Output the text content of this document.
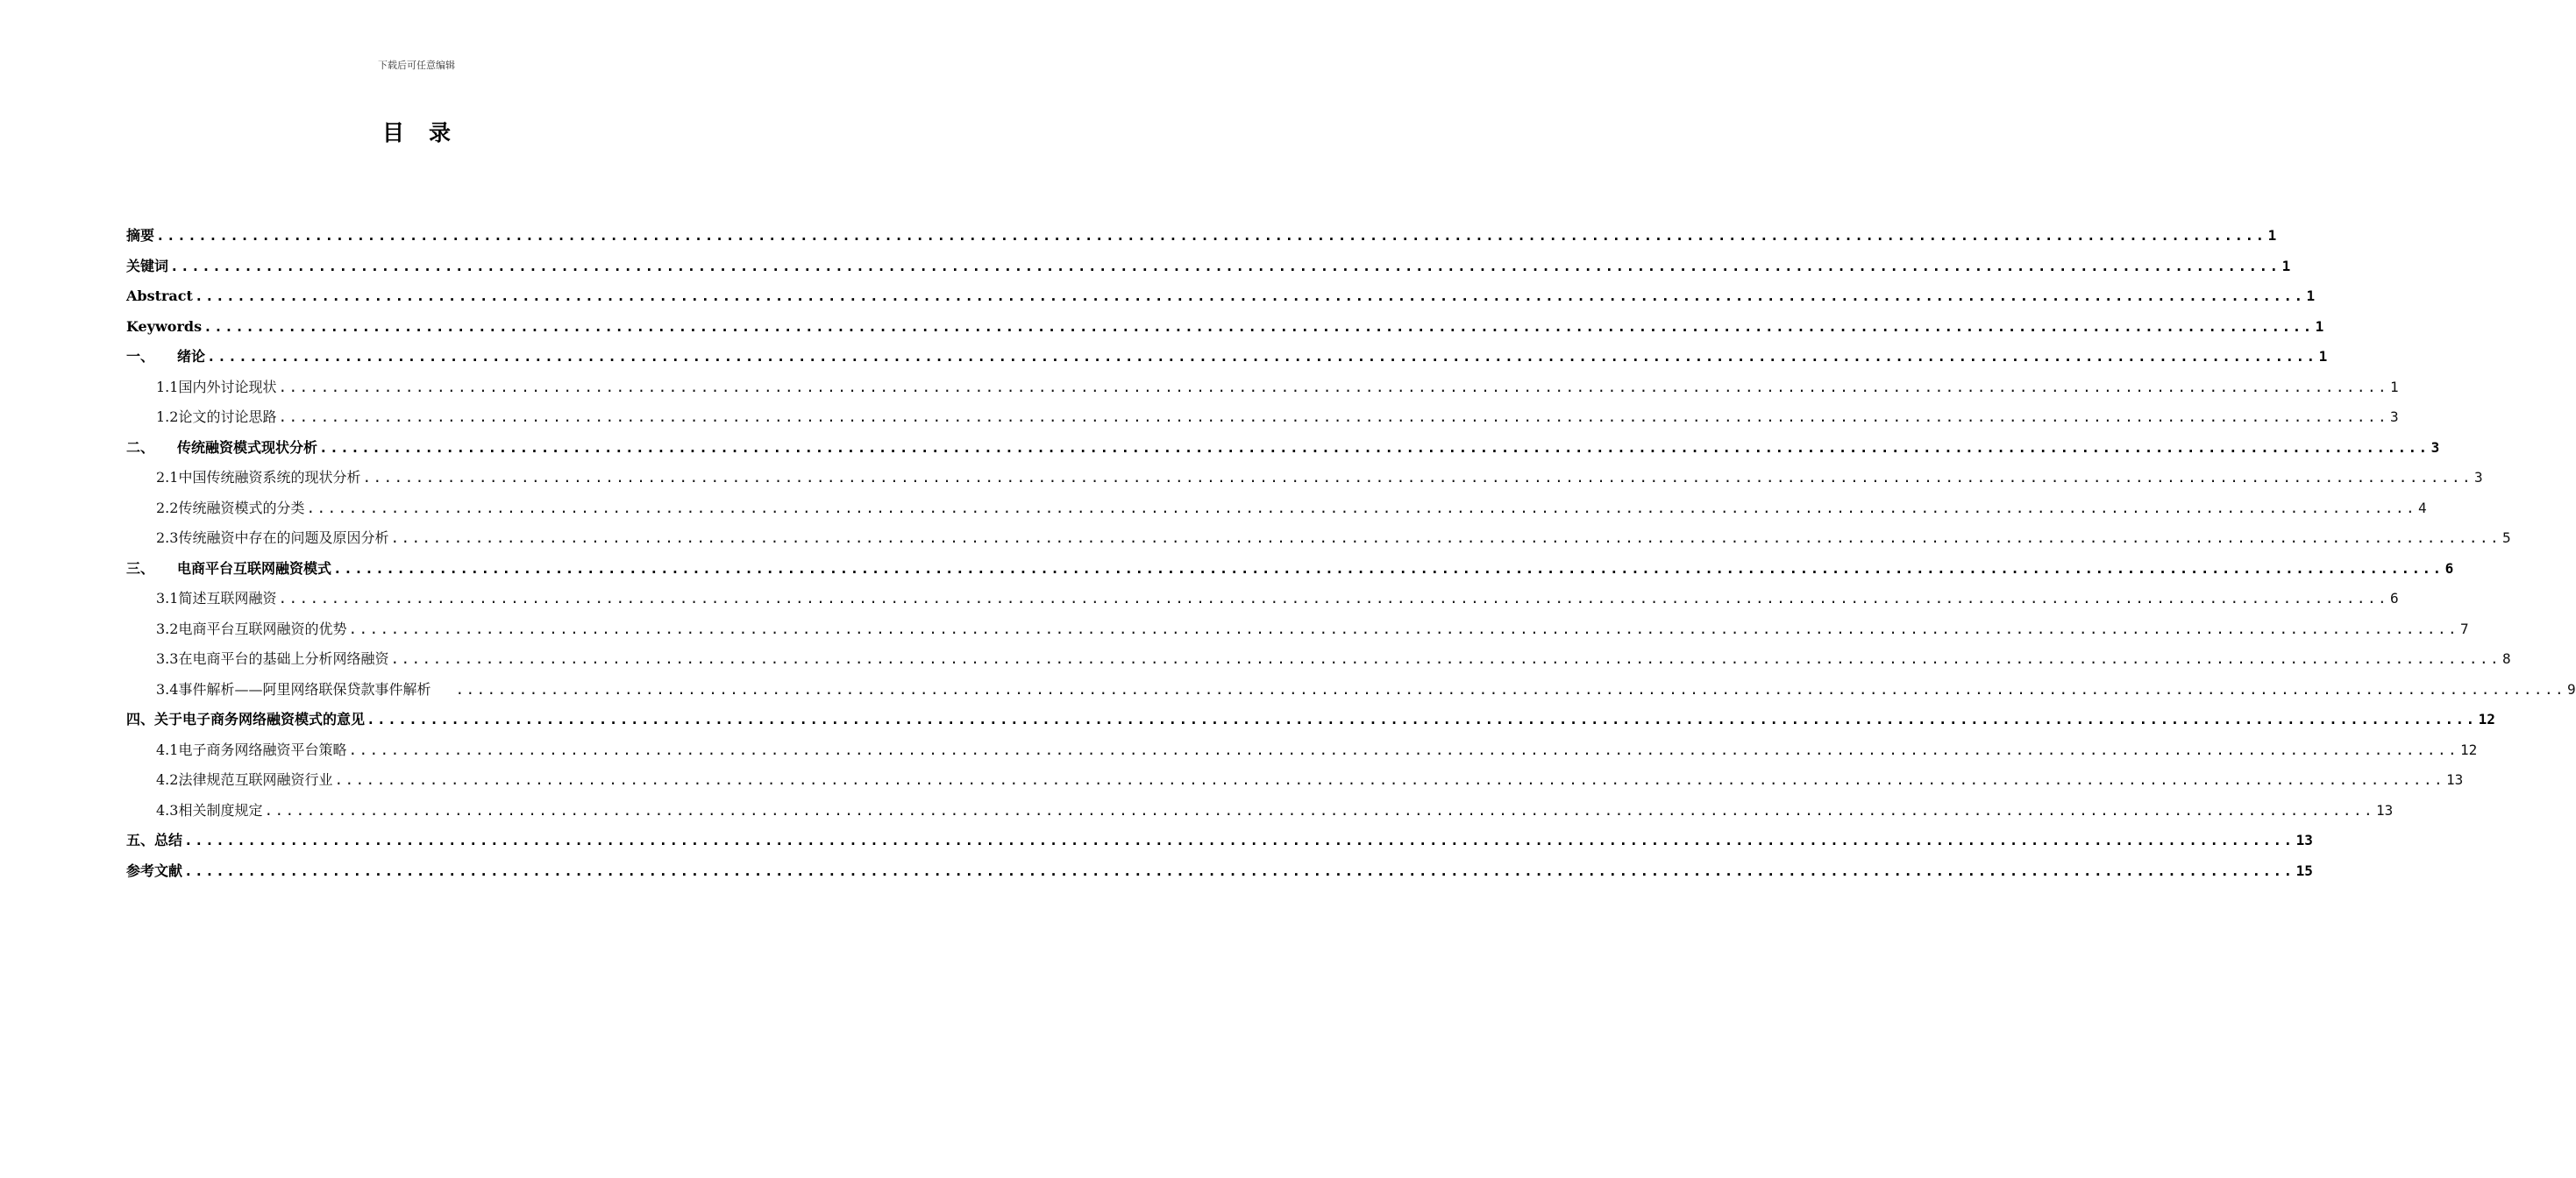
下载后可任意编辑
目录
摘要 ........................................................................................................................................................................................................ 1
关键词 ........................................................................................................................................................................................................ 1
Abstract ........................................................................................................................................................................................................ 1
Keywords ........................................................................................................................................................................................................ 1
一、 绪论 ........................................................................................................................................................................................................ 1
1.1国内外讨论现状 ........................................................................................................................................................................................................ 1
1.2论文的讨论思路 ........................................................................................................................................................................................................ 3
二、 传统融资模式现状分析 ........................................................................................................................................................................................................ 3
2.1中国传统融资系统的现状分析 ........................................................................................................................................................................................................ 3
2.2传统融资模式的分类 ........................................................................................................................................................................................................ 4
2.3传统融资中存在的问题及原因分析 ........................................................................................................................................................................................................ 5
三、 电商平台互联网融资模式 ........................................................................................................................................................................................................ 6
3.1简述互联网融资 ........................................................................................................................................................................................................ 6
3.2电商平台互联网融资的优势 ........................................................................................................................................................................................................ 7
3.3在电商平台的基础上分析网络融资 ........................................................................................................................................................................................................ 8
3.4事件解析——阿里网络联保贷款事件解析 ........................................................................................................................................................................................................ 9
四、关于电子商务网络融资模式的意见 ........................................................................................................................................................................................................ 12
4.1电子商务网络融资平台策略 ........................................................................................................................................................................................................ 12
4.2法律规范互联网融资行业 ........................................................................................................................................................................................................ 13
4.3相关制度规定 ........................................................................................................................................................................................................ 13
五、总结 ........................................................................................................................................................................................................ 13
参考文献 ........................................................................................................................................................................................................ 15
